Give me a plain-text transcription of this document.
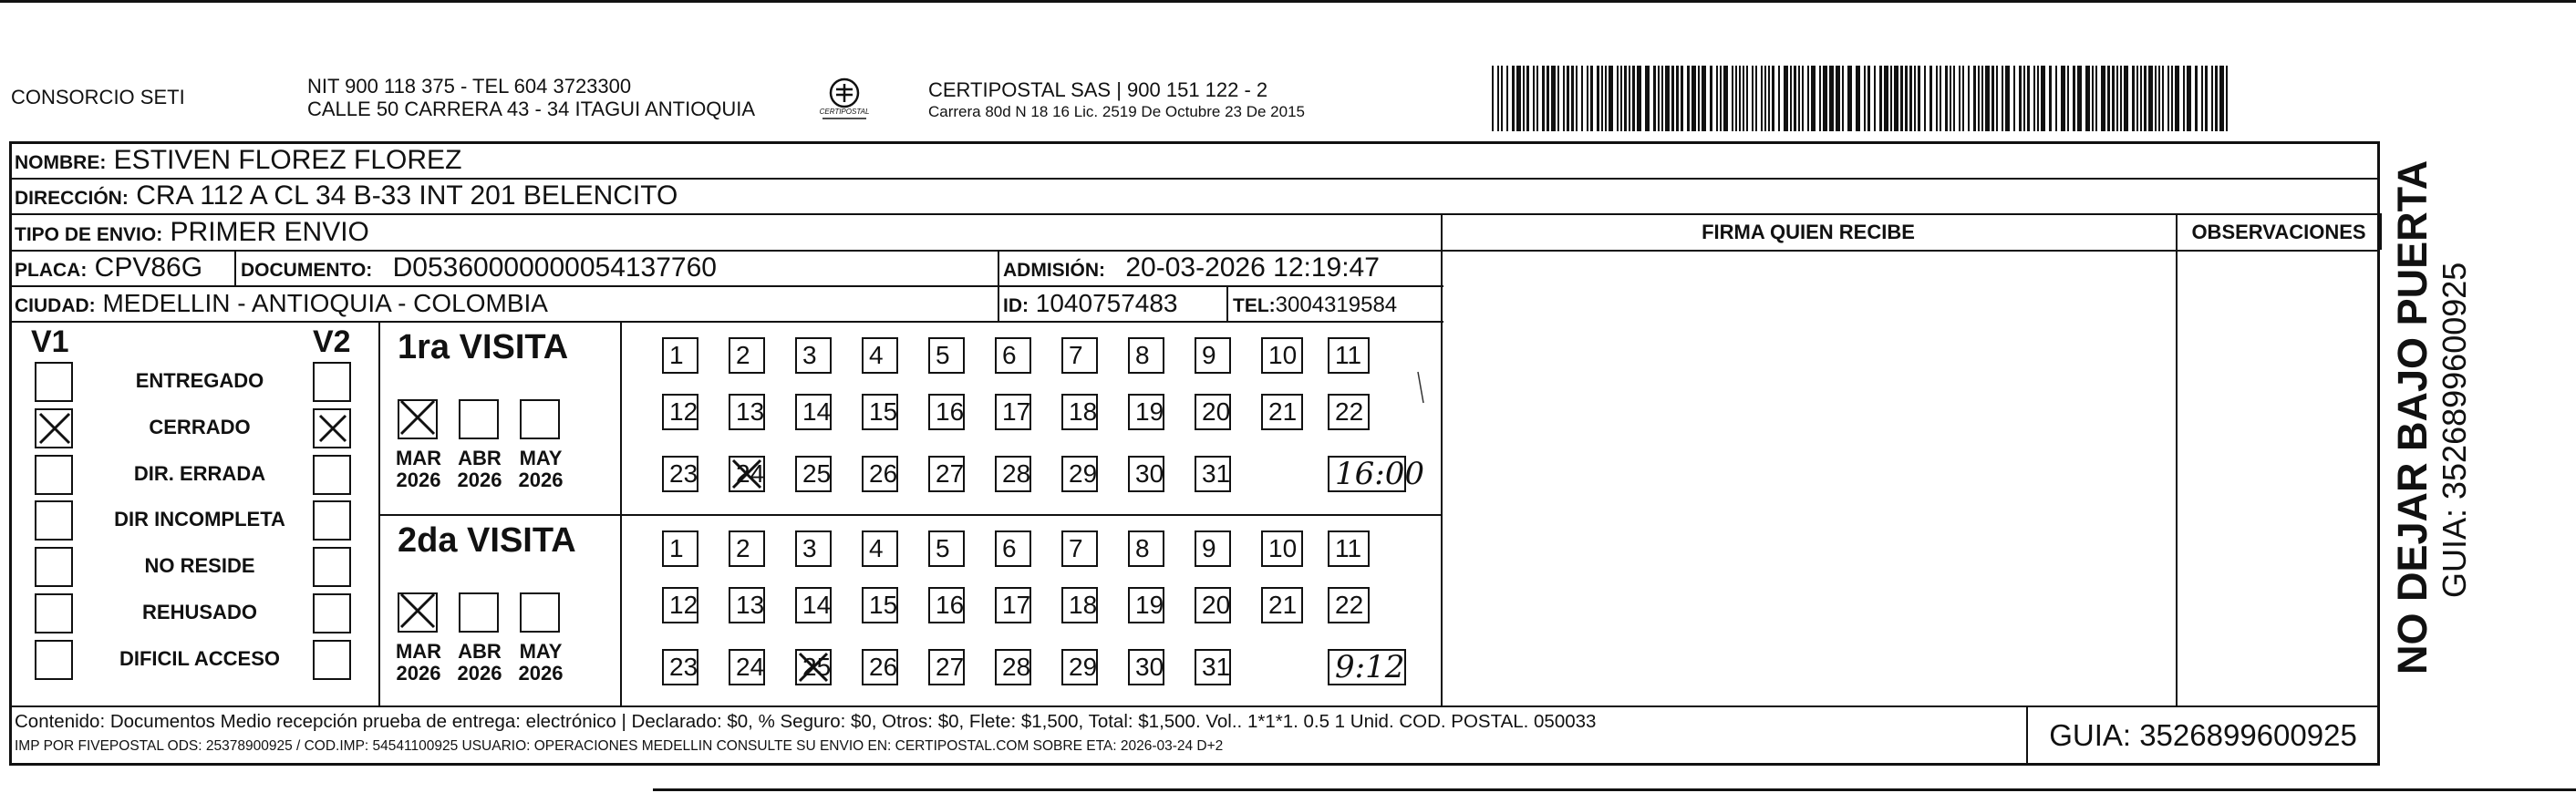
CONSORCIO SETI	NIT 900 118 375 - TEL 604 3723300
CALLE 50 CARRERA 43 - 34 ITAGUI ANTIOQUIA	CERTIPOSTAL
CERTIPOSTAL SAS | 900 151 122 - 2
Carrera 80d N 18 16 Lic. 2519 De Octubre 23 De 2015
NOMBRE: ESTIVEN FLOREZ FLOREZ
DIRECCIÓN: CRA 112 A CL 34 B-33 INT 201 BELENCITO
TIPO DE ENVIO: PRIMER ENVIO	FIRMA QUIEN RECIBE	OBSERVACIONES
PLACA: CPV86G DOCUMENTO: D05360000000054137760	ADMISIÓN: 20-03-2026 12:19:47
CIUDAD: MEDELLIN - ANTIOQUIA - COLOMBIA	ID: 1040757483	TEL:3004319584
V1	V2
ENTREGADO
CERRADO
DIR. ERRADA
DIR INCOMPLETA
NO RESIDE
REHUSADO
DIFICIL ACCESO
1ra VISITA
MAR
2026
ABR
2026
MAY
2026
1	2	3	4	5	6	7	8	9	10 11
12 13 14 15 16 17 18 19 20 21 22
23 24 25 26 27 28 29 30 31	16:00
2da VISITA
MAR
2026
ABR
2026
MAY
2026
1	2	3	4	5	6	7	8	9	10 11
12 13 14 15 16 17 18 19 20 21 22
23 24 25 26 27 28 29 30 31	9:12
Contenido: Documentos Medio recepción prueba de entrega: electrónico | Declarado: $0, % Seguro: $0, Otros: $0, Flete: $1,500, Total: $1,500. Vol.. 1*1*1. 0.5 1 Unid. COD. POSTAL. 050033
IMP POR FIVEPOSTAL ODS: 25378900925 / COD.IMP: 54541100925 USUARIO: OPERACIONES MEDELLIN CONSULTE SU ENVIO EN: CERTIPOSTAL.COM SOBRE ETA: 2026-03-24 D+2	GUIA: 3526899600925
NO DEJAR BAJO PUERTA GUIA: 3526899600925
